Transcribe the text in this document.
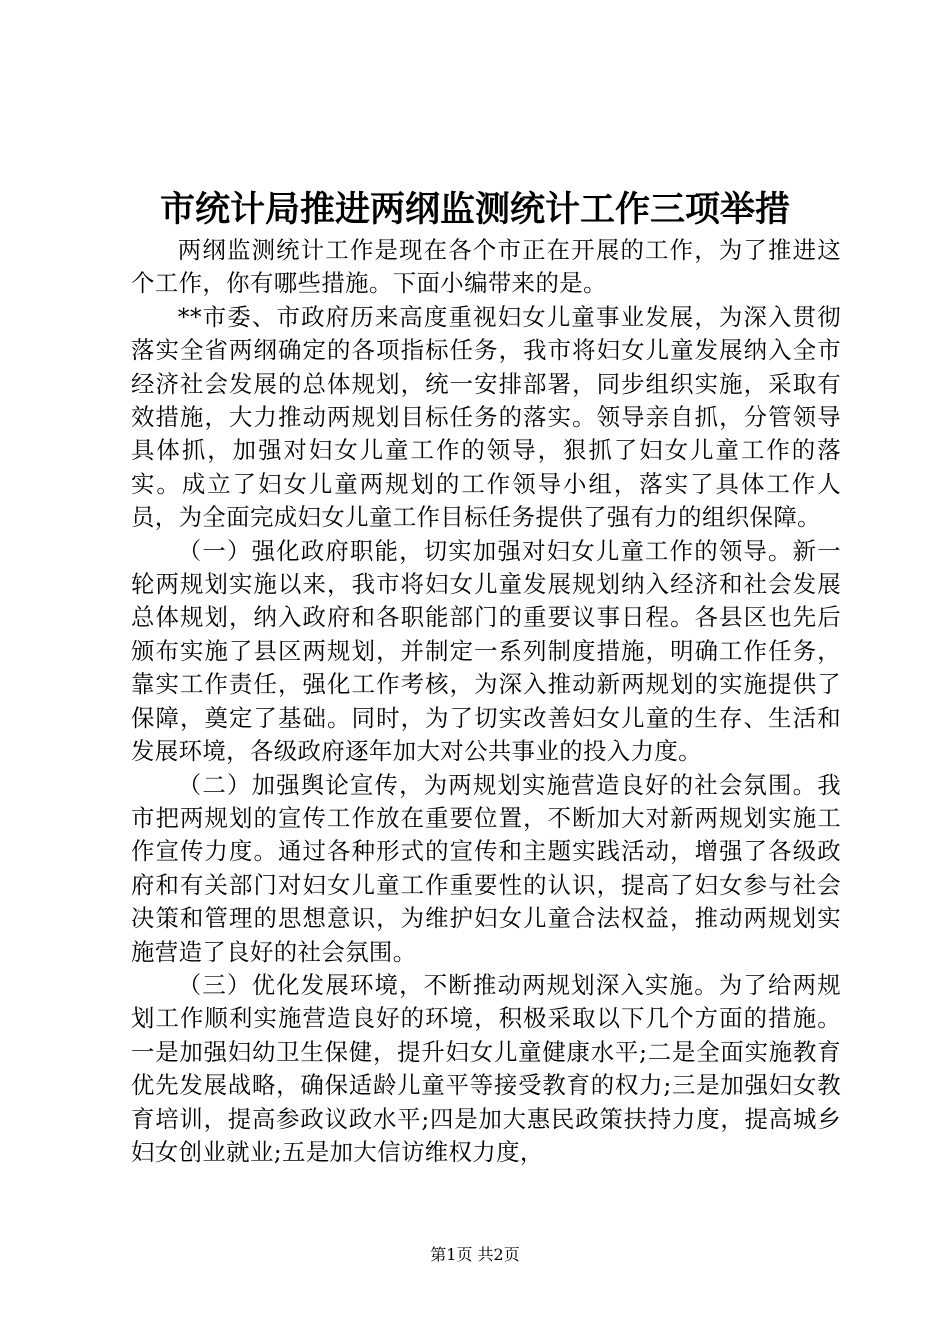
市统计局推进两纲监测统计工作三项举措

两纲监测统计工作是现在各个市正在开展的工作，为了推进这个工作，你有哪些措施。下面小编带来的是。

**市委、市政府历来高度重视妇女儿童事业发展，为深入贯彻落实全省两纲确定的各项指标任务，我市将妇女儿童发展纳入全市经济社会发展的总体规划，统一安排部署，同步组织实施，采取有效措施，大力推动两规划目标任务的落实。领导亲自抓，分管领导具体抓，加强对妇女儿童工作的领导，狠抓了妇女儿童工作的落实。成立了妇女儿童两规划的工作领导小组，落实了具体工作人员，为全面完成妇女儿童工作目标任务提供了强有力的组织保障。

（一）强化政府职能，切实加强对妇女儿童工作的领导。新一轮两规划实施以来，我市将妇女儿童发展规划纳入经济和社会发展总体规划，纳入政府和各职能部门的重要议事日程。各县区也先后颁布实施了县区两规划，并制定一系列制度措施，明确工作任务，靠实工作责任，强化工作考核，为深入推动新两规划的实施提供了保障，奠定了基础。同时，为了切实改善妇女儿童的生存、生活和发展环境，各级政府逐年加大对公共事业的投入力度。

（二）加强舆论宣传，为两规划实施营造良好的社会氛围。我市把两规划的宣传工作放在重要位置，不断加大对新两规划实施工作宣传力度。通过各种形式的宣传和主题实践活动，增强了各级政府和有关部门对妇女儿童工作重要性的认识，提高了妇女参与社会决策和管理的思想意识，为维护妇女儿童合法权益，推动两规划实施营造了良好的社会氛围。

（三）优化发展环境，不断推动两规划深入实施。为了给两规划工作顺利实施营造良好的环境，积极采取以下几个方面的措施。一是加强妇幼卫生保健，提升妇女儿童健康水平;二是全面实施教育优先发展战略，确保适龄儿童平等接受教育的权力;三是加强妇女教育培训，提高参政议政水平;四是加大惠民政策扶持力度，提高城乡妇女创业就业;五是加大信访维权力度，

第1页 共2页
